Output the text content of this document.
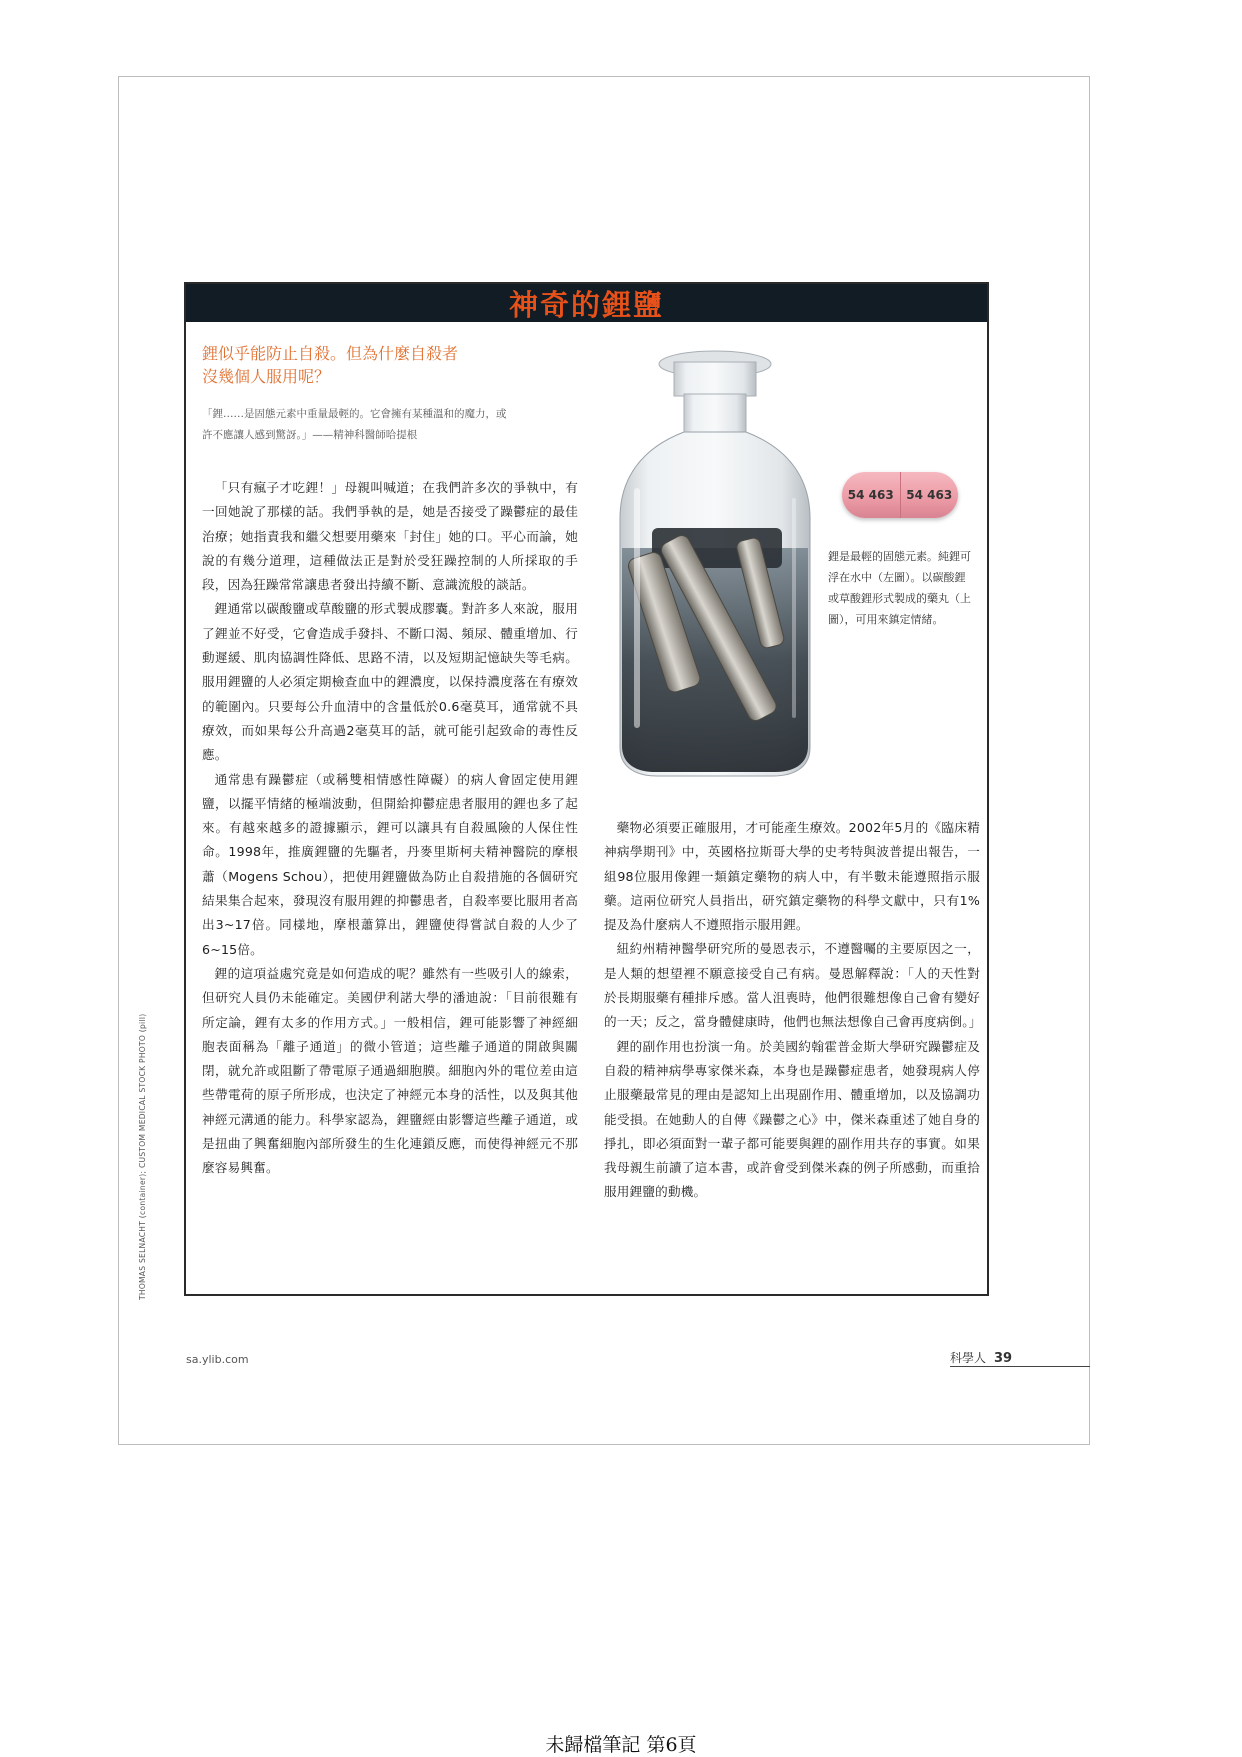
THOMAS SELNACHT (container); CUSTOM MEDICAL STOCK PHOTO (pill)
神奇的鋰鹽
鋰似乎能防止自殺。但為什麼自殺者
沒幾個人服用呢？
「鋰……是固態元素中重量最輕的。它會擁有某種溫和的魔力，或
許不應讓人感到驚訝。」——精神科醫師哈提根

「只有瘋子才吃鋰！」母親叫喊道；在我們許多次的爭執中，有一回她說了那樣的話。我們爭執的是，她是否接受了躁鬱症的最佳治療；她指責我和繼父想要用藥來「封住」她的口。平心而論，她說的有幾分道理，這種做法正是對於受狂躁控制的人所採取的手段，因為狂躁常常讓患者發出持續不斷、意識流般的談話。

鋰通常以碳酸鹽或草酸鹽的形式製成膠囊。對許多人來說，服用了鋰並不好受，它會造成手發抖、不斷口渴、頻尿、體重增加、行動遲緩、肌肉協調性降低、思路不清，以及短期記憶缺失等毛病。服用鋰鹽的人必須定期檢查血中的鋰濃度，以保持濃度落在有療效的範圍內。只要每公升血清中的含量低於0.6毫莫耳，通常就不具療效，而如果每公升高過2毫莫耳的話，就可能引起致命的毒性反應。

通常患有躁鬱症（或稱雙相情感性障礙）的病人會固定使用鋰鹽，以擺平情緒的極端波動，但開給抑鬱症患者服用的鋰也多了起來。有越來越多的證據顯示，鋰可以讓具有自殺風險的人保住性命。1998年，推廣鋰鹽的先驅者，丹麥里斯柯夫精神醫院的摩根蕭（Mogens Schou），把使用鋰鹽做為防止自殺措施的各個研究結果集合起來，發現沒有服用鋰的抑鬱患者，自殺率要比服用者高出3~17倍。同樣地，摩根蕭算出，鋰鹽使得嘗試自殺的人少了6~15倍。

鋰的這項益處究竟是如何造成的呢？雖然有一些吸引人的線索，但研究人員仍未能確定。美國伊利諾大學的潘迪說：「目前很難有所定論，鋰有太多的作用方式。」一般相信，鋰可能影響了神經細胞表面稱為「離子通道」的微小管道；這些離子通道的開啟與關閉，就允許或阻斷了帶電原子通過細胞膜。細胞內外的電位差由這些帶電荷的原子所形成，也決定了神經元本身的活性，以及與其他神經元溝通的能力。科學家認為，鋰鹽經由影響這些離子通道，或是扭曲了興奮細胞內部所發生的生化連鎖反應，而使得神經元不那麼容易興奮。

54 463	54 463
鋰是最輕的固態元素。純鋰可浮在水中（左圖）。以碳酸鋰或草酸鋰形式製成的藥丸（上圖），可用來鎮定情緒。

藥物必須要正確服用，才可能產生療效。2002年5月的《臨床精神病學期刊》中，英國格拉斯哥大學的史考特與波普提出報告，一組98位服用像鋰一類鎮定藥物的病人中，有半數未能遵照指示服藥。這兩位研究人員指出，研究鎮定藥物的科學文獻中，只有1%提及為什麼病人不遵照指示服用鋰。

紐約州精神醫學研究所的曼恩表示，不遵醫囑的主要原因之一，是人類的想望裡不願意接受自己有病。曼恩解釋說：「人的天性對於長期服藥有種排斥感。當人沮喪時，他們很難想像自己會有變好的一天；反之，當身體健康時，他們也無法想像自己會再度病倒。」

鋰的副作用也扮演一角。於美國約翰霍普金斯大學研究躁鬱症及自殺的精神病學專家傑米森，本身也是躁鬱症患者，她發現病人停止服藥最常見的理由是認知上出現副作用、體重增加，以及協調功能受損。在她動人的自傳《躁鬱之心》中，傑米森重述了她自身的掙扎，即必須面對一輩子都可能要與鋰的副作用共存的事實。如果我母親生前讀了這本書，或許會受到傑米森的例子所感動，而重拾服用鋰鹽的動機。

sa.ylib.com	科學人 39
未歸檔筆記 第6頁
